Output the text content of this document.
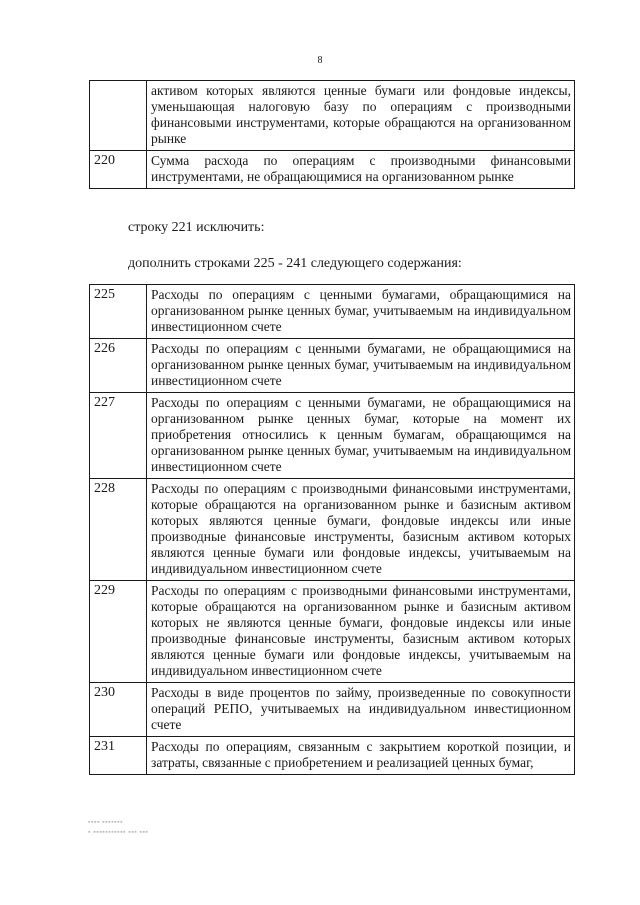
8
	активом которых являются ценные бумаги или фондовые индексы, уменьшающая налоговую базу по операциям с производными финансовыми инструментами, которые обращаются на организованном рынке
220	Сумма расхода по операциям с производными финансовыми инструментами, не обращающимися на организованном рынке
строку 221 исключить:
дополнить строками 225 - 241 следующего содержания:
225	Расходы по операциям с ценными бумагами, обращающимися на организованном рынке ценных бумаг, учитываемым на индивидуальном инвестиционном счете
226	Расходы по операциям с ценными бумагами, не обращающимися на организованном рынке ценных бумаг, учитываемым на индивидуальном инвестиционном счете
227	Расходы по операциям с ценными бумагами, не обращающимися на организованном рынке ценных бумаг, которые на момент их приобретения относились к ценным бумагам, обращающимся на организованном рынке ценных бумаг, учитываемым на индивидуальном инвестиционном счете
228	Расходы по операциям с производными финансовыми инструментами, которые обращаются на организованном рынке и базисным активом которых являются ценные бумаги, фондовые индексы или иные производные финансовые инструменты, базисным активом которых являются ценные бумаги или фондовые индексы, учитываемым на индивидуальном инвестиционном счете
229	Расходы по операциям с производными финансовыми инструментами, которые обращаются на организованном рынке и базисным активом которых не являются ценные бумаги, фондовые индексы или иные производные финансовые инструменты, базисным активом которых являются ценные бумаги или фондовые индексы, учитываемым на индивидуальном инвестиционном счете
230	Расходы в виде процентов по займу, произведенные по совокупности операций РЕПО, учитываемых на индивидуальном инвестиционном счете
231	Расходы по операциям, связанным с закрытием короткой позиции, и затраты, связанные с приобретением и реализацией ценных бумаг,
▪▪▪▪ ▪▪▪▪▪▪▪
▪ ▪▪▪▪▪▪▪▪▪▪▪ ▪▪▪ ▪▪▪
